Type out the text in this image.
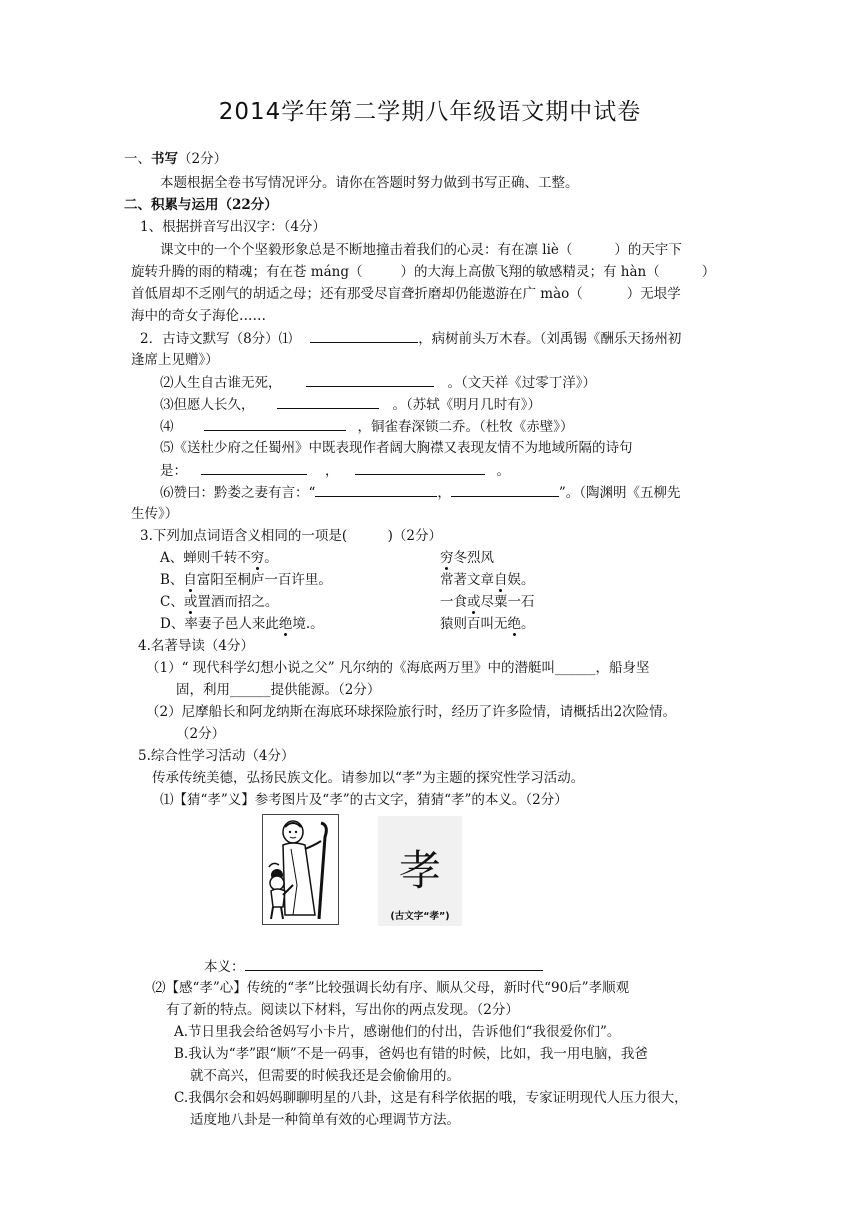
2014学年第二学期八年级语文期中试卷
一、书写（2分）
本题根据全卷书写情况评分。请你在答题时努力做到书写正确、工整。
二、积累与运用（22分）
1、根据拼音写出汉字：（4分）
课文中的一个个坚毅形象总是不断地撞击着我们的心灵：有在凛 liè（	）的天宇下
旋转升腾的雨的精魂；有在苍 máng（	）的大海上高傲飞翔的敏感精灵；有 hàn（	）
首低眉却不乏刚气的胡适之母；还有那受尽盲聋折磨却仍能遨游在广 mào（	）无垠学
海中的奇女子海伦……
2．古诗文默写（8分）⑴	，病树前头万木春。（刘禹锡《酬乐天扬州初
逢席上见赠》）
⑵人生自古谁无死，	。（文天祥《过零丁洋》）
⑶但愿人长久，	。（苏轼《明月几时有》）
⑷	，铜雀春深锁二乔。（杜牧《赤壁》）
⑸《送杜少府之任蜀州》中既表现作者阔大胸襟又表现友情不为地域所隔的诗句
是：	，	。
⑹赞曰：黔娄之妻有言：“	，	”。（陶渊明《五柳先
生传》）
3.下列加点词语含义相同的一项是(　　　)（2分）
A、蝉则千转不穷。	穷冬烈风
B、自富阳至桐庐一百许里。	常著文章自娱。
C、或置酒而招之。	一食或尽粟一石
D、率妻子邑人来此绝境.。	猿则百叫无绝。
4.名著导读（4分）
（1）“ 现代科学幻想小说之父” 凡尔纳的《海底两万里》中的潜艇叫______，船身坚
固，利用______提供能源。（2分）
（2）尼摩船长和阿龙纳斯在海底环球探险旅行时，经历了许多险情，请概括出2次险情。
（2分）
5.综合性学习活动（4分）
传承传统美德，弘扬民族文化。请参加以“孝”为主题的探究性学习活动。
⑴【猜“孝”义】参考图片及“孝”的古文字，猜猜“孝”的本义。（2分）
孝
(古文字“孝”)
本义：
⑵【感“孝”心】传统的“孝”比较强调长幼有序、顺从父母，新时代“90后”孝顺观
有了新的特点。阅读以下材料，写出你的两点发现。（2分）
A.节日里我会给爸妈写小卡片，感谢他们的付出，告诉他们“我很爱你们”。
B.我认为“孝”跟“顺”不是一码事，爸妈也有错的时候，比如，我一用电脑，我爸
就不高兴，但需要的时候我还是会偷偷用的。
C.我偶尔会和妈妈聊聊明星的八卦，这是有科学依据的哦，专家证明现代人压力很大，
适度地八卦是一种简单有效的心理调节方法。
